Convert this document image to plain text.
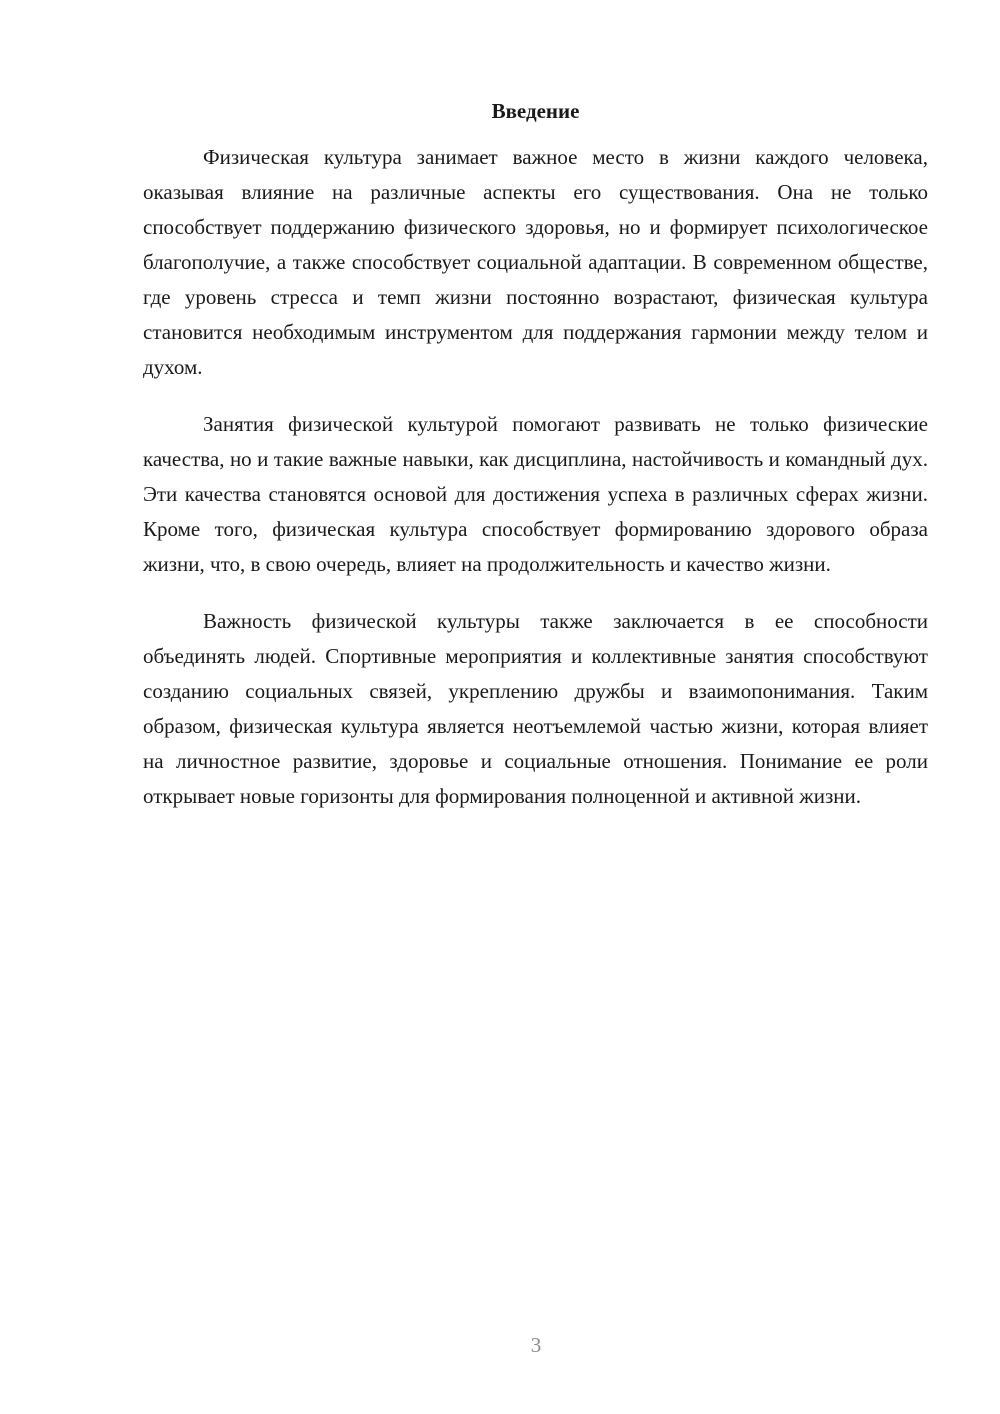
Введение

Физическая культура занимает важное место в жизни каждого человека, оказывая влияние на различные аспекты его существования. Она не только способствует поддержанию физического здоровья, но и формирует психологическое благополучие, а также способствует социальной адаптации. В современном обществе, где уровень стресса и темп жизни постоянно возрастают, физическая культура становится необходимым инструментом для поддержания гармонии между телом и духом.

Занятия физической культурой помогают развивать не только физические качества, но и такие важные навыки, как дисциплина, настойчивость и командный дух. Эти качества становятся основой для достижения успеха в различных сферах жизни. Кроме того, физическая культура способствует формированию здорового образа жизни, что, в свою очередь, влияет на продолжительность и качество жизни.

Важность физической культуры также заключается в ее способности объединять людей. Спортивные мероприятия и коллективные занятия способствуют созданию социальных связей, укреплению дружбы и взаимопонимания. Таким образом, физическая культура является неотъемлемой частью жизни, которая влияет на личностное развитие, здоровье и социальные отношения. Понимание ее роли открывает новые горизонты для формирования полноценной и активной жизни.

3
